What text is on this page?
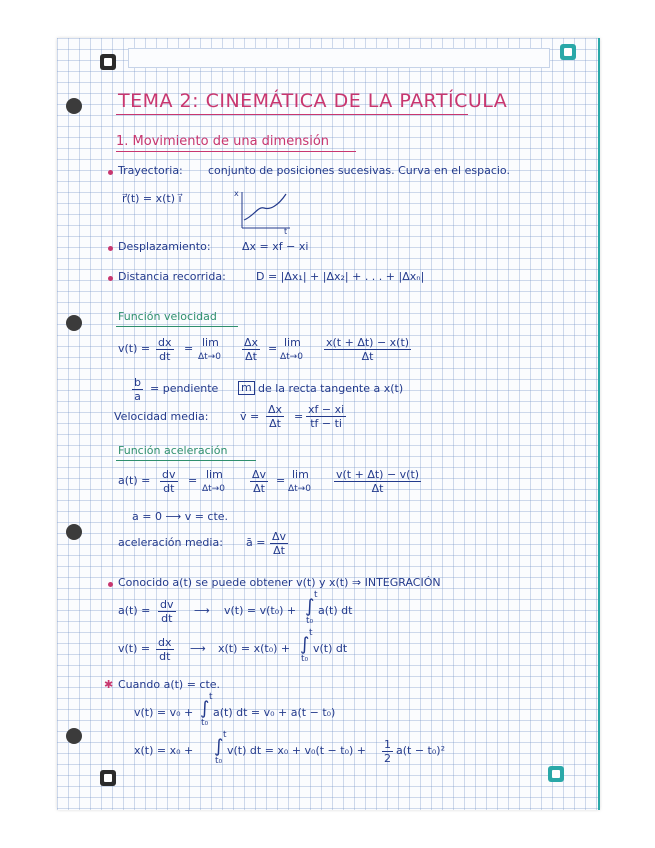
TEMA 2: CINEMÁTICA DE LA PARTÍCULA
1. Movimiento de una dimensión
Trayectoria: conjunto de posiciones sucesivas. Curva en el espacio.
r⃗(t) = x(t) i⃗	x
t
Desplazamiento:	Δx = xf − xi
Distancia recorrida:	D = |Δx₁| + |Δx₂| + . . . + |Δxₙ|
Función velocidad
$v(t) = \frac{dx}{dt} = \lim$
$\Delta t\to 0 \frac{\Delta x}{\Delta t} = \lim$
$\Delta t\to 0 \frac{x(t + \Delta t) - x(t)}{\Delta t}$
$\frac{b}{a}$ = pendiente m de la recta tangente a x(t)
Velocidad media:	v̄ = $\frac{\Delta x}{\Delta t} = \frac{xf - xi}{tf - ti}$
Función aceleración
$a(t) = \frac{dv}{dt} = \lim$
$\Delta t\to 0 \frac{\Delta v}{\Delta t} = \lim$
$\Delta t\to 0 \frac{v(t + \Delta t) - v(t)}{\Delta t}$
a = 0 ⟶ v = cte.
aceleración media: ā = $\frac{\Delta v}{\Delta t}$
Conocido a(t) se puede obtener v(t) y x(t) ⇒ INTEGRACIÓN
$a(t) = \frac{dv}{dt}$ ⟶ v(t) = v(t₀) + ∫
t
t₀
a(t) dt
$v(t) = \frac{dx}{dt}$ ⟶ x(t) = x(t₀) + ∫
t
t₀
v(t) dt
✱ Cuando a(t) = cte.
v(t) = v₀ + ∫
t
t₀
a(t) dt = v₀ + a(t − t₀)
x(t) = x₀ + ∫
t
t₀
v(t) dt = $x_0 + v_0(t - t_0) + \frac{1}{2} a(t - t_0)^2$
